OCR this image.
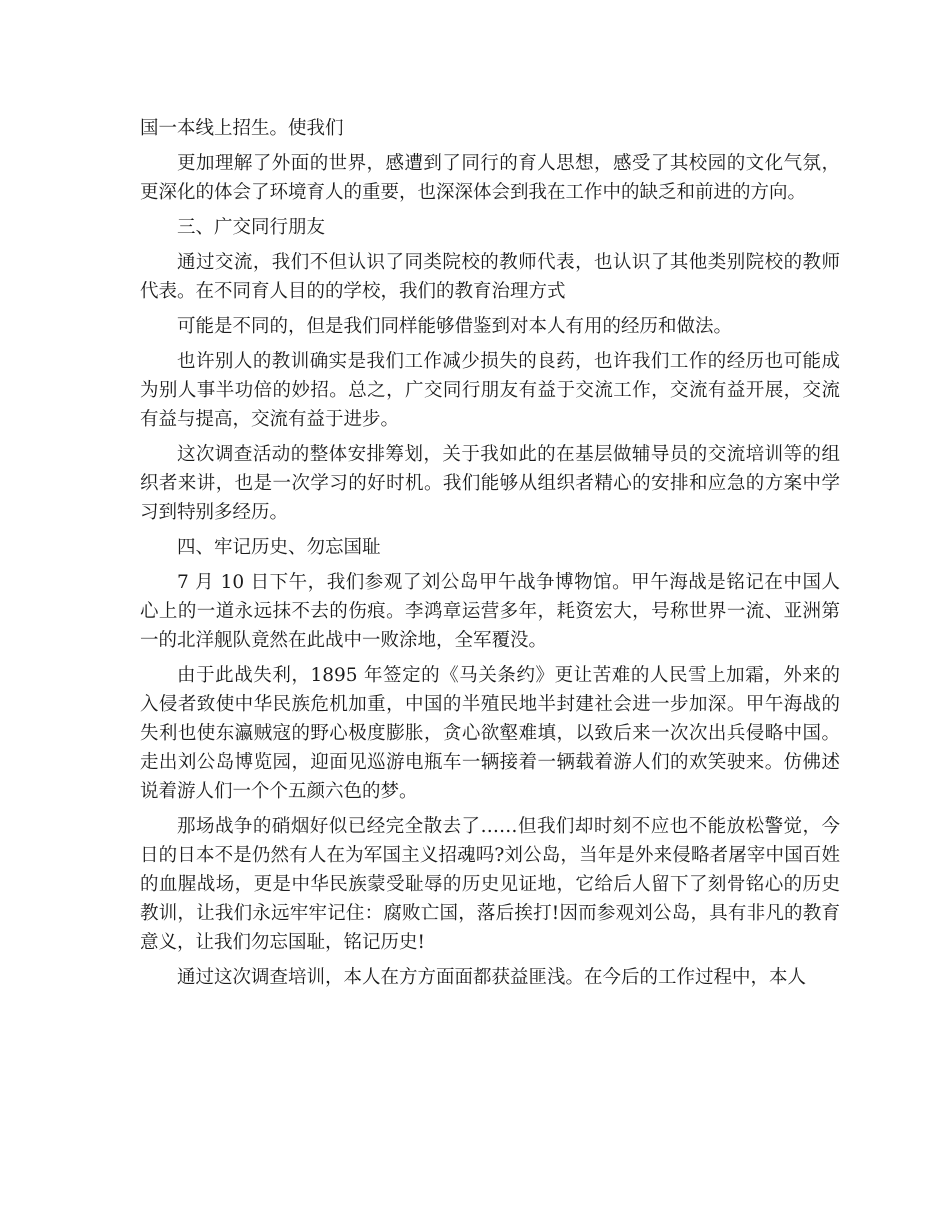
国一本线上招生。使我们

更加理解了外面的世界，感遭到了同行的育人思想，感受了其校园的文化气氛，更深化的体会了环境育人的重要，也深深体会到我在工作中的缺乏和前进的方向。

三、广交同行朋友

通过交流，我们不但认识了同类院校的教师代表，也认识了其他类别院校的教师代表。在不同育人目的的学校，我们的教育治理方式

可能是不同的，但是我们同样能够借鉴到对本人有用的经历和做法。

也许别人的教训确实是我们工作减少损失的良药，也许我们工作的经历也可能成为别人事半功倍的妙招。总之，广交同行朋友有益于交流工作，交流有益开展，交流有益与提高，交流有益于进步。

这次调查活动的整体安排筹划，关于我如此的在基层做辅导员的交流培训等的组织者来讲，也是一次学习的好时机。我们能够从组织者精心的安排和应急的方案中学习到特别多经历。

四、牢记历史、勿忘国耻

7 月 10 日下午，我们参观了刘公岛甲午战争博物馆。甲午海战是铭记在中国人心上的一道永远抹不去的伤痕。李鸿章运营多年，耗资宏大，号称世界一流、亚洲第一的北洋舰队竟然在此战中一败涂地，全军覆没。

由于此战失利，1895 年签定的《马关条约》更让苦难的人民雪上加霜，外来的入侵者致使中华民族危机加重，中国的半殖民地半封建社会进一步加深。甲午海战的失利也使东瀛贼寇的野心极度膨胀，贪心欲壑难填，以致后来一次次出兵侵略中国。走出刘公岛博览园，迎面见巡游电瓶车一辆接着一辆载着游人们的欢笑驶来。仿佛述说着游人们一个个五颜六色的梦。

那场战争的硝烟好似已经完全散去了……但我们却时刻不应也不能放松警觉，今日的日本不是仍然有人在为军国主义招魂吗?刘公岛，当年是外来侵略者屠宰中国百姓的血腥战场，更是中华民族蒙受耻辱的历史见证地，它给后人留下了刻骨铭心的历史教训，让我们永远牢牢记住：腐败亡国，落后挨打!因而参观刘公岛，具有非凡的教育意义，让我们勿忘国耻，铭记历史!

通过这次调查培训，本人在方方面面都获益匪浅。在今后的工作过程中，本人
